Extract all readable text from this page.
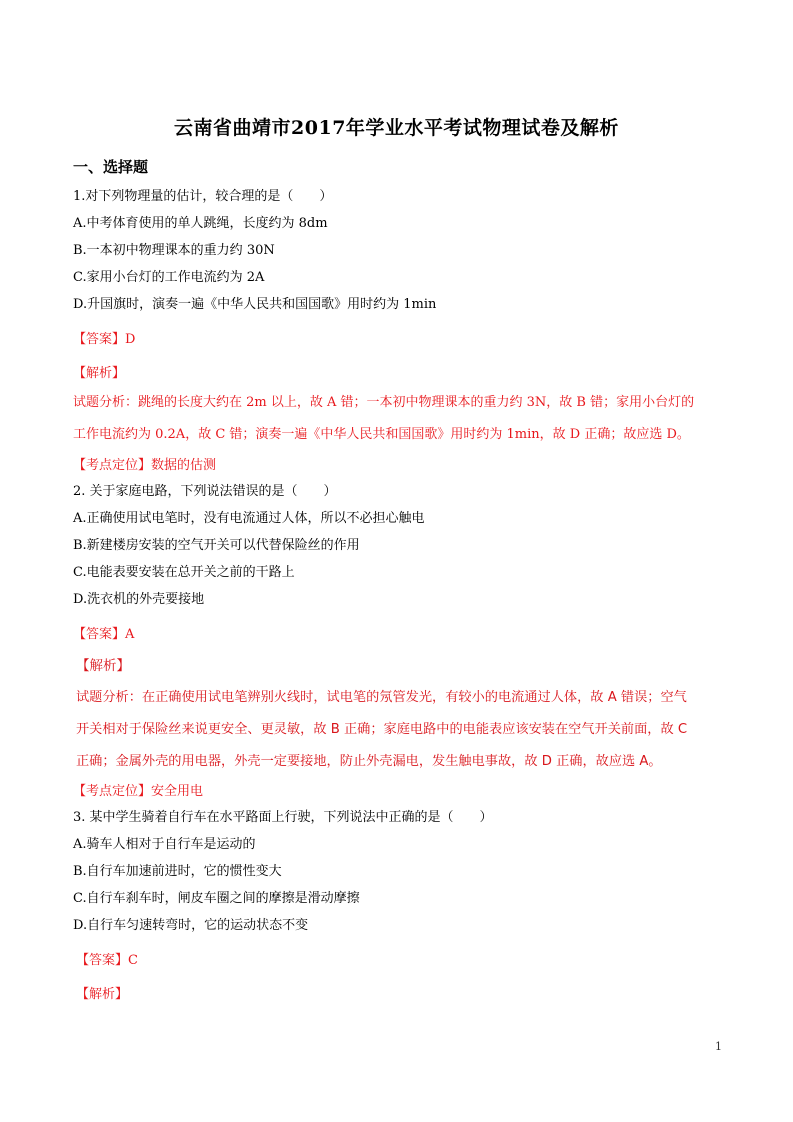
云南省曲靖市2017年学业水平考试物理试卷及解析
一、选择题
1.对下列物理量的估计，较合理的是（　　）
A.中考体育使用的单人跳绳，长度约为 8dm
B.一本初中物理课本的重力约 30N
C.家用小台灯的工作电流约为 2A
D.升国旗时，演奏一遍《中华人民共和国国歌》用时约为 1min
【答案】D
【解析】
试题分析：跳绳的长度大约在 2m 以上，故 A 错；一本初中物理课本的重力约 3N，故 B 错；家用小台灯的
工作电流约为 0.2A，故 C 错；演奏一遍《中华人民共和国国歌》用时约为 1min，故 D 正确；故应选 D。
【考点定位】数据的估测
2. 关于家庭电路，下列说法错误的是（　　）
A.正确使用试电笔时，没有电流通过人体，所以不必担心触电
B.新建楼房安装的空气开关可以代替保险丝的作用
C.电能表要安装在总开关之前的干路上
D.洗衣机的外壳要接地
【答案】A
【解析】
试题分析：在正确使用试电笔辨别火线时，试电笔的氖管发光，有较小的电流通过人体，故 A 错误；空气
开关相对于保险丝来说更安全、更灵敏，故 B 正确；家庭电路中的电能表应该安装在空气开关前面，故 C
正确；金属外壳的用电器，外壳一定要接地，防止外壳漏电，发生触电事故，故 D 正确，故应选 A。
【考点定位】安全用电
3. 某中学生骑着自行车在水平路面上行驶，下列说法中正确的是（　　）
A.骑车人相对于自行车是运动的
B.自行车加速前进时，它的惯性变大
C.自行车刹车时，闸皮车圈之间的摩擦是滑动摩擦
D.自行车匀速转弯时，它的运动状态不变
【答案】C
【解析】
1
